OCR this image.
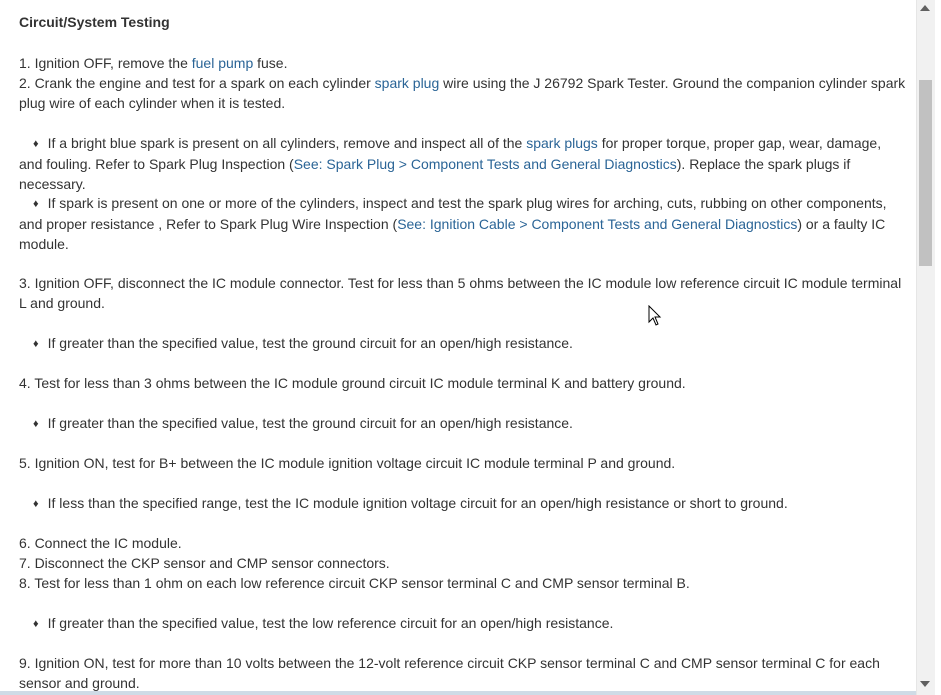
Circuit/System Testing
1. Ignition OFF, remove the fuel pump fuse.
2. Crank the engine and test for a spark on each cylinder spark plug wire using the J 26792 Spark Tester. Ground the companion cylinder spark plug wire of each cylinder when it is tested.
♦ If a bright blue spark is present on all cylinders, remove and inspect all of the spark plugs for proper torque, proper gap, wear, damage, and fouling. Refer to Spark Plug Inspection (See: Spark Plug > Component Tests and General Diagnostics). Replace the spark plugs if necessary.
♦ If spark is present on one or more of the cylinders, inspect and test the spark plug wires for arching, cuts, rubbing on other components, and proper resistance , Refer to Spark Plug Wire Inspection (See: Ignition Cable > Component Tests and General Diagnostics) or a faulty IC module.
3. Ignition OFF, disconnect the IC module connector. Test for less than 5 ohms between the IC module low reference circuit IC module terminal L and ground.
♦ If greater than the specified value, test the ground circuit for an open/high resistance.
4. Test for less than 3 ohms between the IC module ground circuit IC module terminal K and battery ground.
♦ If greater than the specified value, test the ground circuit for an open/high resistance.
5. Ignition ON, test for B+ between the IC module ignition voltage circuit IC module terminal P and ground.
♦ If less than the specified range, test the IC module ignition voltage circuit for an open/high resistance or short to ground.
6. Connect the IC module.
7. Disconnect the CKP sensor and CMP sensor connectors.
8. Test for less than 1 ohm on each low reference circuit CKP sensor terminal C and CMP sensor terminal B.
♦ If greater than the specified value, test the low reference circuit for an open/high resistance.
9. Ignition ON, test for more than 10 volts between the 12-volt reference circuit CKP sensor terminal C and CMP sensor terminal C for each sensor and ground.
